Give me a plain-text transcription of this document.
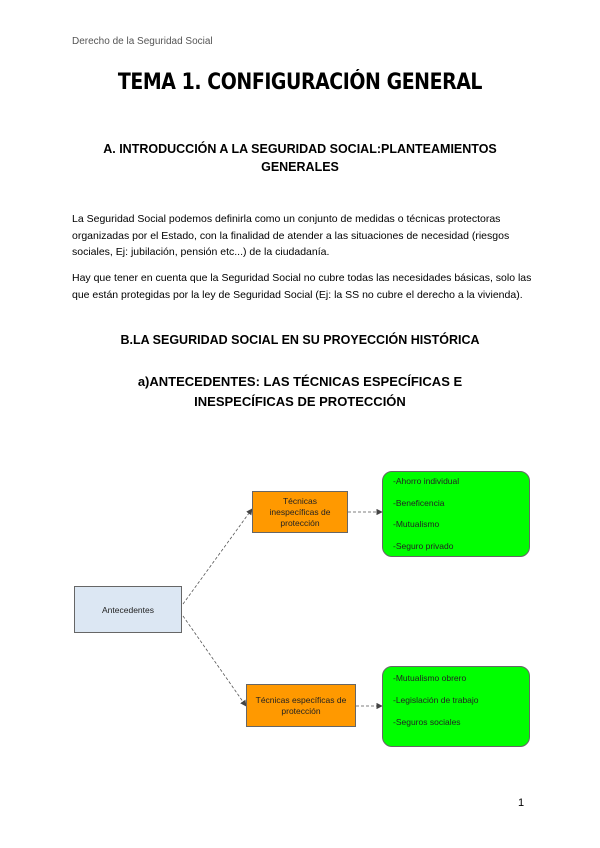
Derecho de la Seguridad Social
TEMA 1. CONFIGURACIÓN GENERAL
A. INTRODUCCIÓN A LA SEGURIDAD SOCIAL:PLANTEAMIENTOS
GENERALES
La Seguridad Social podemos definirla como un conjunto de medidas o técnicas protectoras organizadas por el Estado, con la finalidad de atender a las situaciones de necesidad (riesgos sociales, Ej: jubilación, pensión etc...) de la ciudadanía.
Hay que tener en cuenta que la Seguridad Social no cubre todas las necesidades básicas, solo las que están protegidas por la ley de Seguridad Social (Ej: la SS no cubre el derecho a la vivienda).
B.LA SEGURIDAD SOCIAL EN SU PROYECCIÓN HISTÓRICA
a)ANTECEDENTES: LAS TÉCNICAS ESPECÍFICAS E
INESPECÍFICAS DE PROTECCIÓN
Antecedentes
Técnicas inespecíficas de protección
Técnicas específicas de protección
-Ahorro individual
-Beneficencia
-Mutualismo
-Seguro privado
-Mutualismo obrero
-Legislación de trabajo
-Seguros sociales
1
